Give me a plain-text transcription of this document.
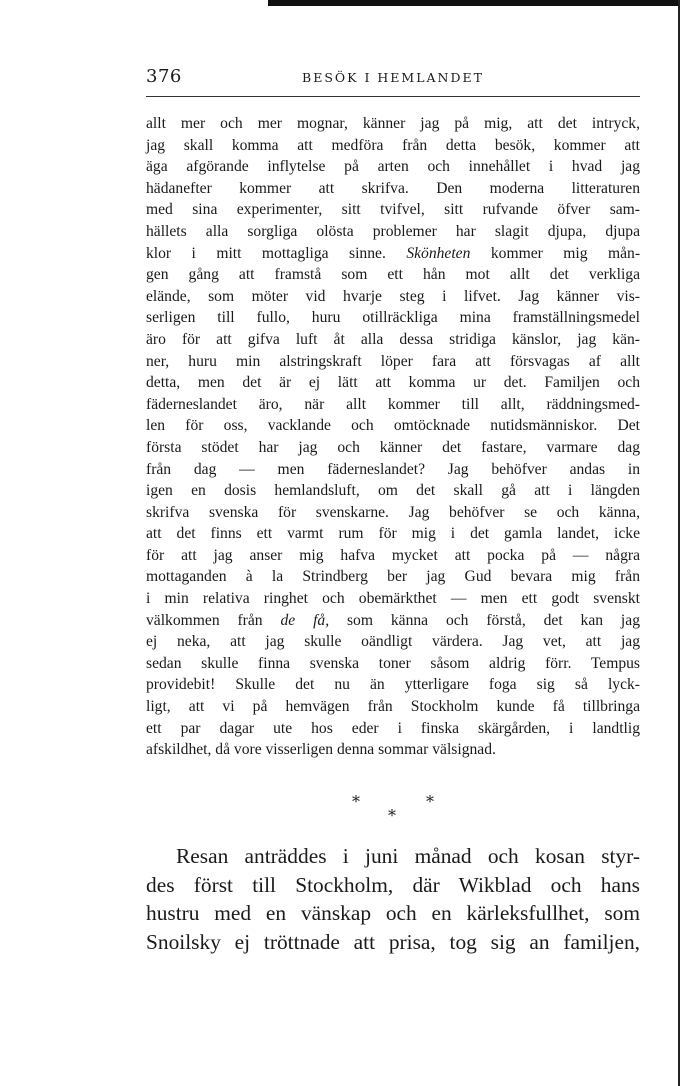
376	BESÖK I HEMLANDET
allt mer och mer mognar, känner jag på mig, att det intryck,
jag skall komma att medföra från detta besök, kommer att
äga afgörande inflytelse på arten och innehållet i hvad jag
hädanefter kommer att skrifva. Den moderna litteraturen
med sina experimenter, sitt tvifvel, sitt rufvande öfver sam-
hällets alla sorgliga olösta problemer har slagit djupa, djupa
klor i mitt mottagliga sinne. Skönheten kommer mig mån-
gen gång att framstå som ett hån mot allt det verkliga
elände, som möter vid hvarje steg i lifvet. Jag känner vis-
serligen till fullo, huru otillräckliga mina framställningsmedel
äro för att gifva luft åt alla dessa stridiga känslor, jag kän-
ner, huru min alstringskraft löper fara att försvagas af allt
detta, men det är ej lätt att komma ur det. Familjen och
fäderneslandet äro, när allt kommer till allt, räddningsmed-
len för oss, vacklande och omtöcknade nutidsmänniskor. Det
första stödet har jag och känner det fastare, varmare dag
från dag — men fäderneslandet? Jag behöfver andas in
igen en dosis hemlandsluft, om det skall gå att i längden
skrifva svenska för svenskarne. Jag behöfver se och känna,
att det finns ett varmt rum för mig i det gamla landet, icke
för att jag anser mig hafva mycket att pocka på — några
mottaganden à la Strindberg ber jag Gud bevara mig från
i min relativa ringhet och obemärkthet — men ett godt svenskt
välkommen från de få, som känna och förstå, det kan jag
ej neka, att jag skulle oändligt värdera. Jag vet, att jag
sedan skulle finna svenska toner såsom aldrig förr. Tempus
providebit! Skulle det nu än ytterligare foga sig så lyck-
ligt, att vi på hemvägen från Stockholm kunde få tillbringa
ett par dagar ute hos eder i finska skärgården, i landtlig
afskildhet, då vore visserligen denna sommar välsignad.
*	*
*
Resan anträddes i juni månad och kosan styr-
des först till Stockholm, där Wikblad och hans
hustru med en vänskap och en kärleksfullhet, som
Snoilsky ej tröttnade att prisa, tog sig an familjen,
